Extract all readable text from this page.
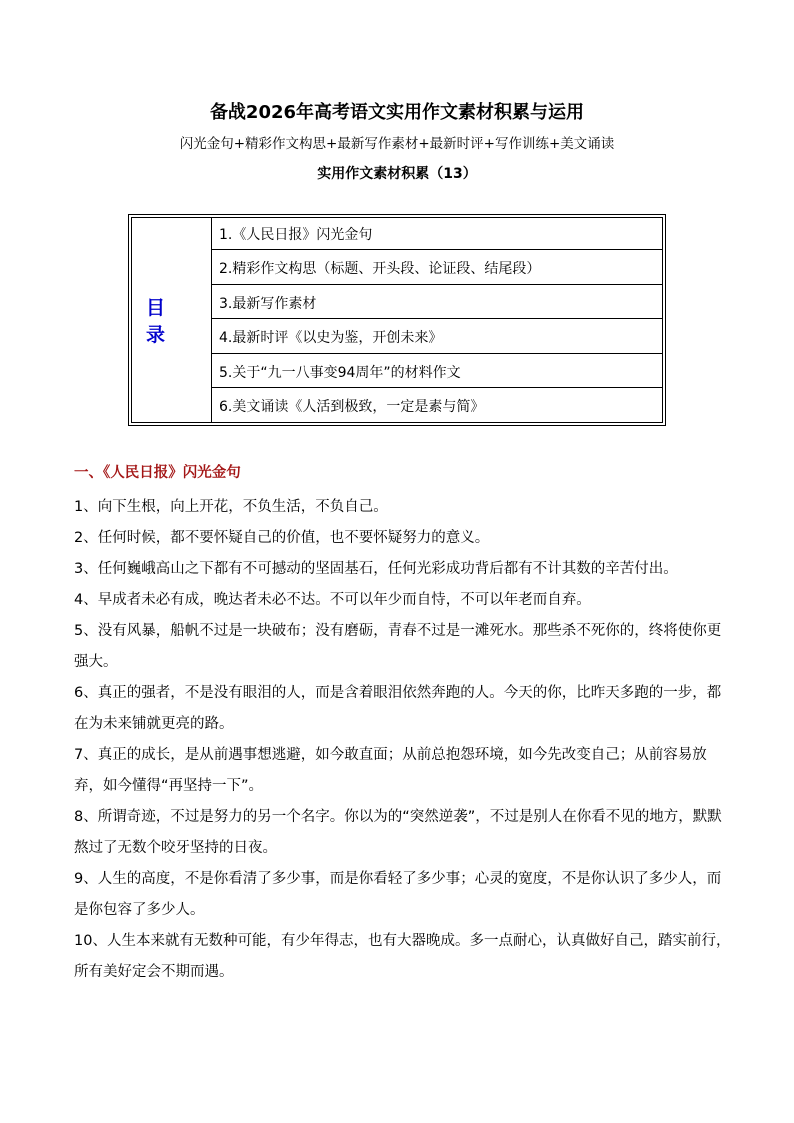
备战2026年高考语文实用作文素材积累与运用
闪光金句+精彩作文构思+最新写作素材+最新时评+写作训练+美文诵读
实用作文素材积累（13）
目录
1.《人民日报》闪光金句
2.精彩作文构思（标题、开头段、论证段、结尾段）
3.最新写作素材
4.最新时评《以史为鉴，开创未来》
5.关于“九一八事变94周年”的材料作文
6.美文诵读《人活到极致，一定是素与简》
一、《人民日报》闪光金句
1、向下生根，向上开花，不负生活，不负自己。
2、任何时候，都不要怀疑自己的价值，也不要怀疑努力的意义。
3、任何巍峨高山之下都有不可撼动的坚固基石，任何光彩成功背后都有不计其数的辛苦付出。
4、早成者未必有成，晚达者未必不达。不可以年少而自恃，不可以年老而自弃。
5、没有风暴，船帆不过是一块破布；没有磨砺，青春不过是一滩死水。那些杀不死你的，终将使你更强大。
6、真正的强者，不是没有眼泪的人，而是含着眼泪依然奔跑的人。今天的你，比昨天多跑的一步，都在为未来铺就更亮的路。
7、真正的成长，是从前遇事想逃避，如今敢直面；从前总抱怨环境，如今先改变自己；从前容易放弃，如今懂得“再坚持一下”。
8、所谓奇迹，不过是努力的另一个名字。你以为的“突然逆袭”，不过是别人在你看不见的地方，默默熬过了无数个咬牙坚持的日夜。
9、人生的高度，不是你看清了多少事，而是你看轻了多少事；心灵的宽度，不是你认识了多少人，而是你包容了多少人。
10、人生本来就有无数种可能，有少年得志，也有大器晚成。多一点耐心，认真做好自己，踏实前行，所有美好定会不期而遇。
